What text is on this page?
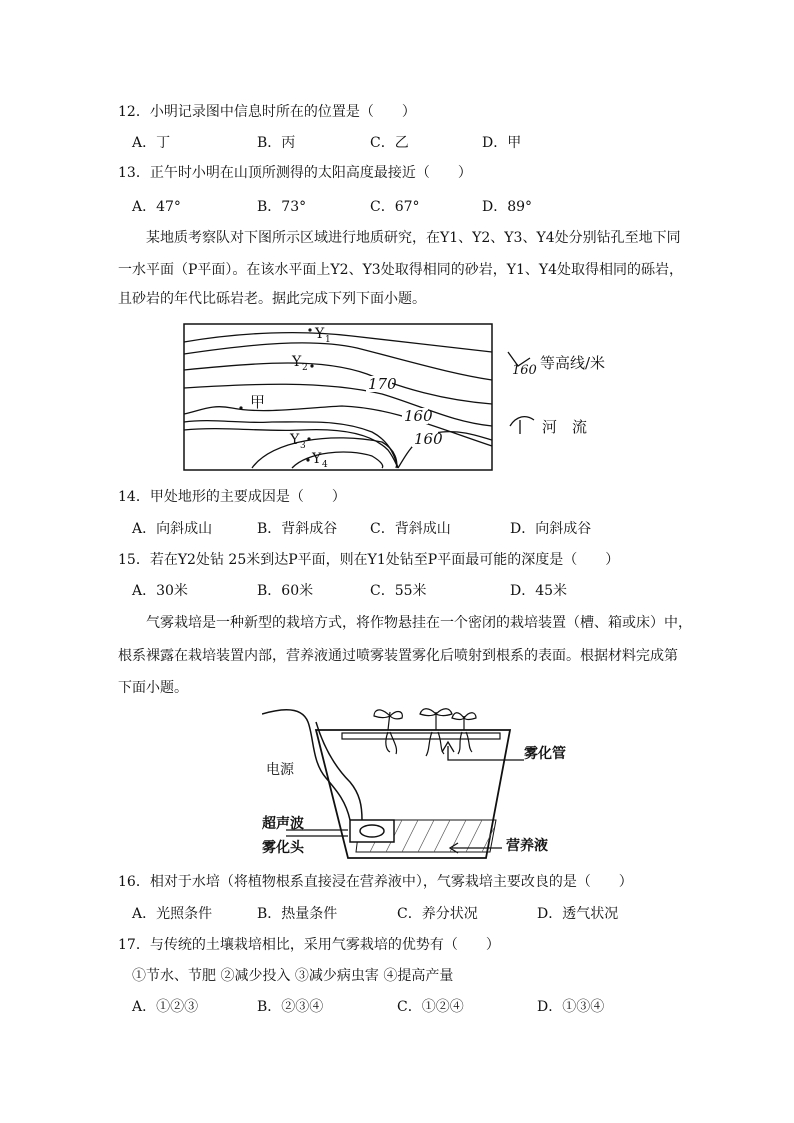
12．小明记录图中信息时所在的位置是（　　）
A．丁	B．丙	C．乙	D．甲
13．正午时小明在山顶所测得的太阳高度最接近（　　）
A．47°	B．73°	C．67°	D．89°
某地质考察队对下图所示区域进行地质研究，在Y1、Y2、Y3、Y4处分别钻孔至地下同
一水平面（P平面）。在该水平面上Y2、Y3处取得相同的砂岩，Y1、Y4处取得相同的砾岩，
且砂岩的年代比砾岩老。据此完成下列下面小题。
Y 1
Y 2
甲
Y 3
Y 4
170
160
160
160 等高线/米
河　流
14．甲处地形的主要成因是（　　）
A．向斜成山	B．背斜成谷 C．背斜成山	D．向斜成谷
15．若在Y2处钻 25米到达P平面，则在Y1处钻至P平面最可能的深度是（　　）
A．30米	B．60米	C．55米	D．45米
气雾栽培是一种新型的栽培方式，将作物悬挂在一个密闭的栽培装置（槽、箱或床）中，
根系裸露在栽培装置内部，营养液通过喷雾装置雾化后喷射到根系的表面。根据材料完成第
下面小题。
电源
雾化管
超声波
雾化头	营养液
16．相对于水培（将植物根系直接浸在营养液中），气雾栽培主要改良的是（　　）
A．光照条件	B．热量条件	C．养分状况	D．透气状况
17．与传统的土壤栽培相比，采用气雾栽培的优势有（　　）
①节水、节肥 ②减少投入 ③减少病虫害 ④提高产量
A．①②③	B．②③④	C．①②④	D．①③④
